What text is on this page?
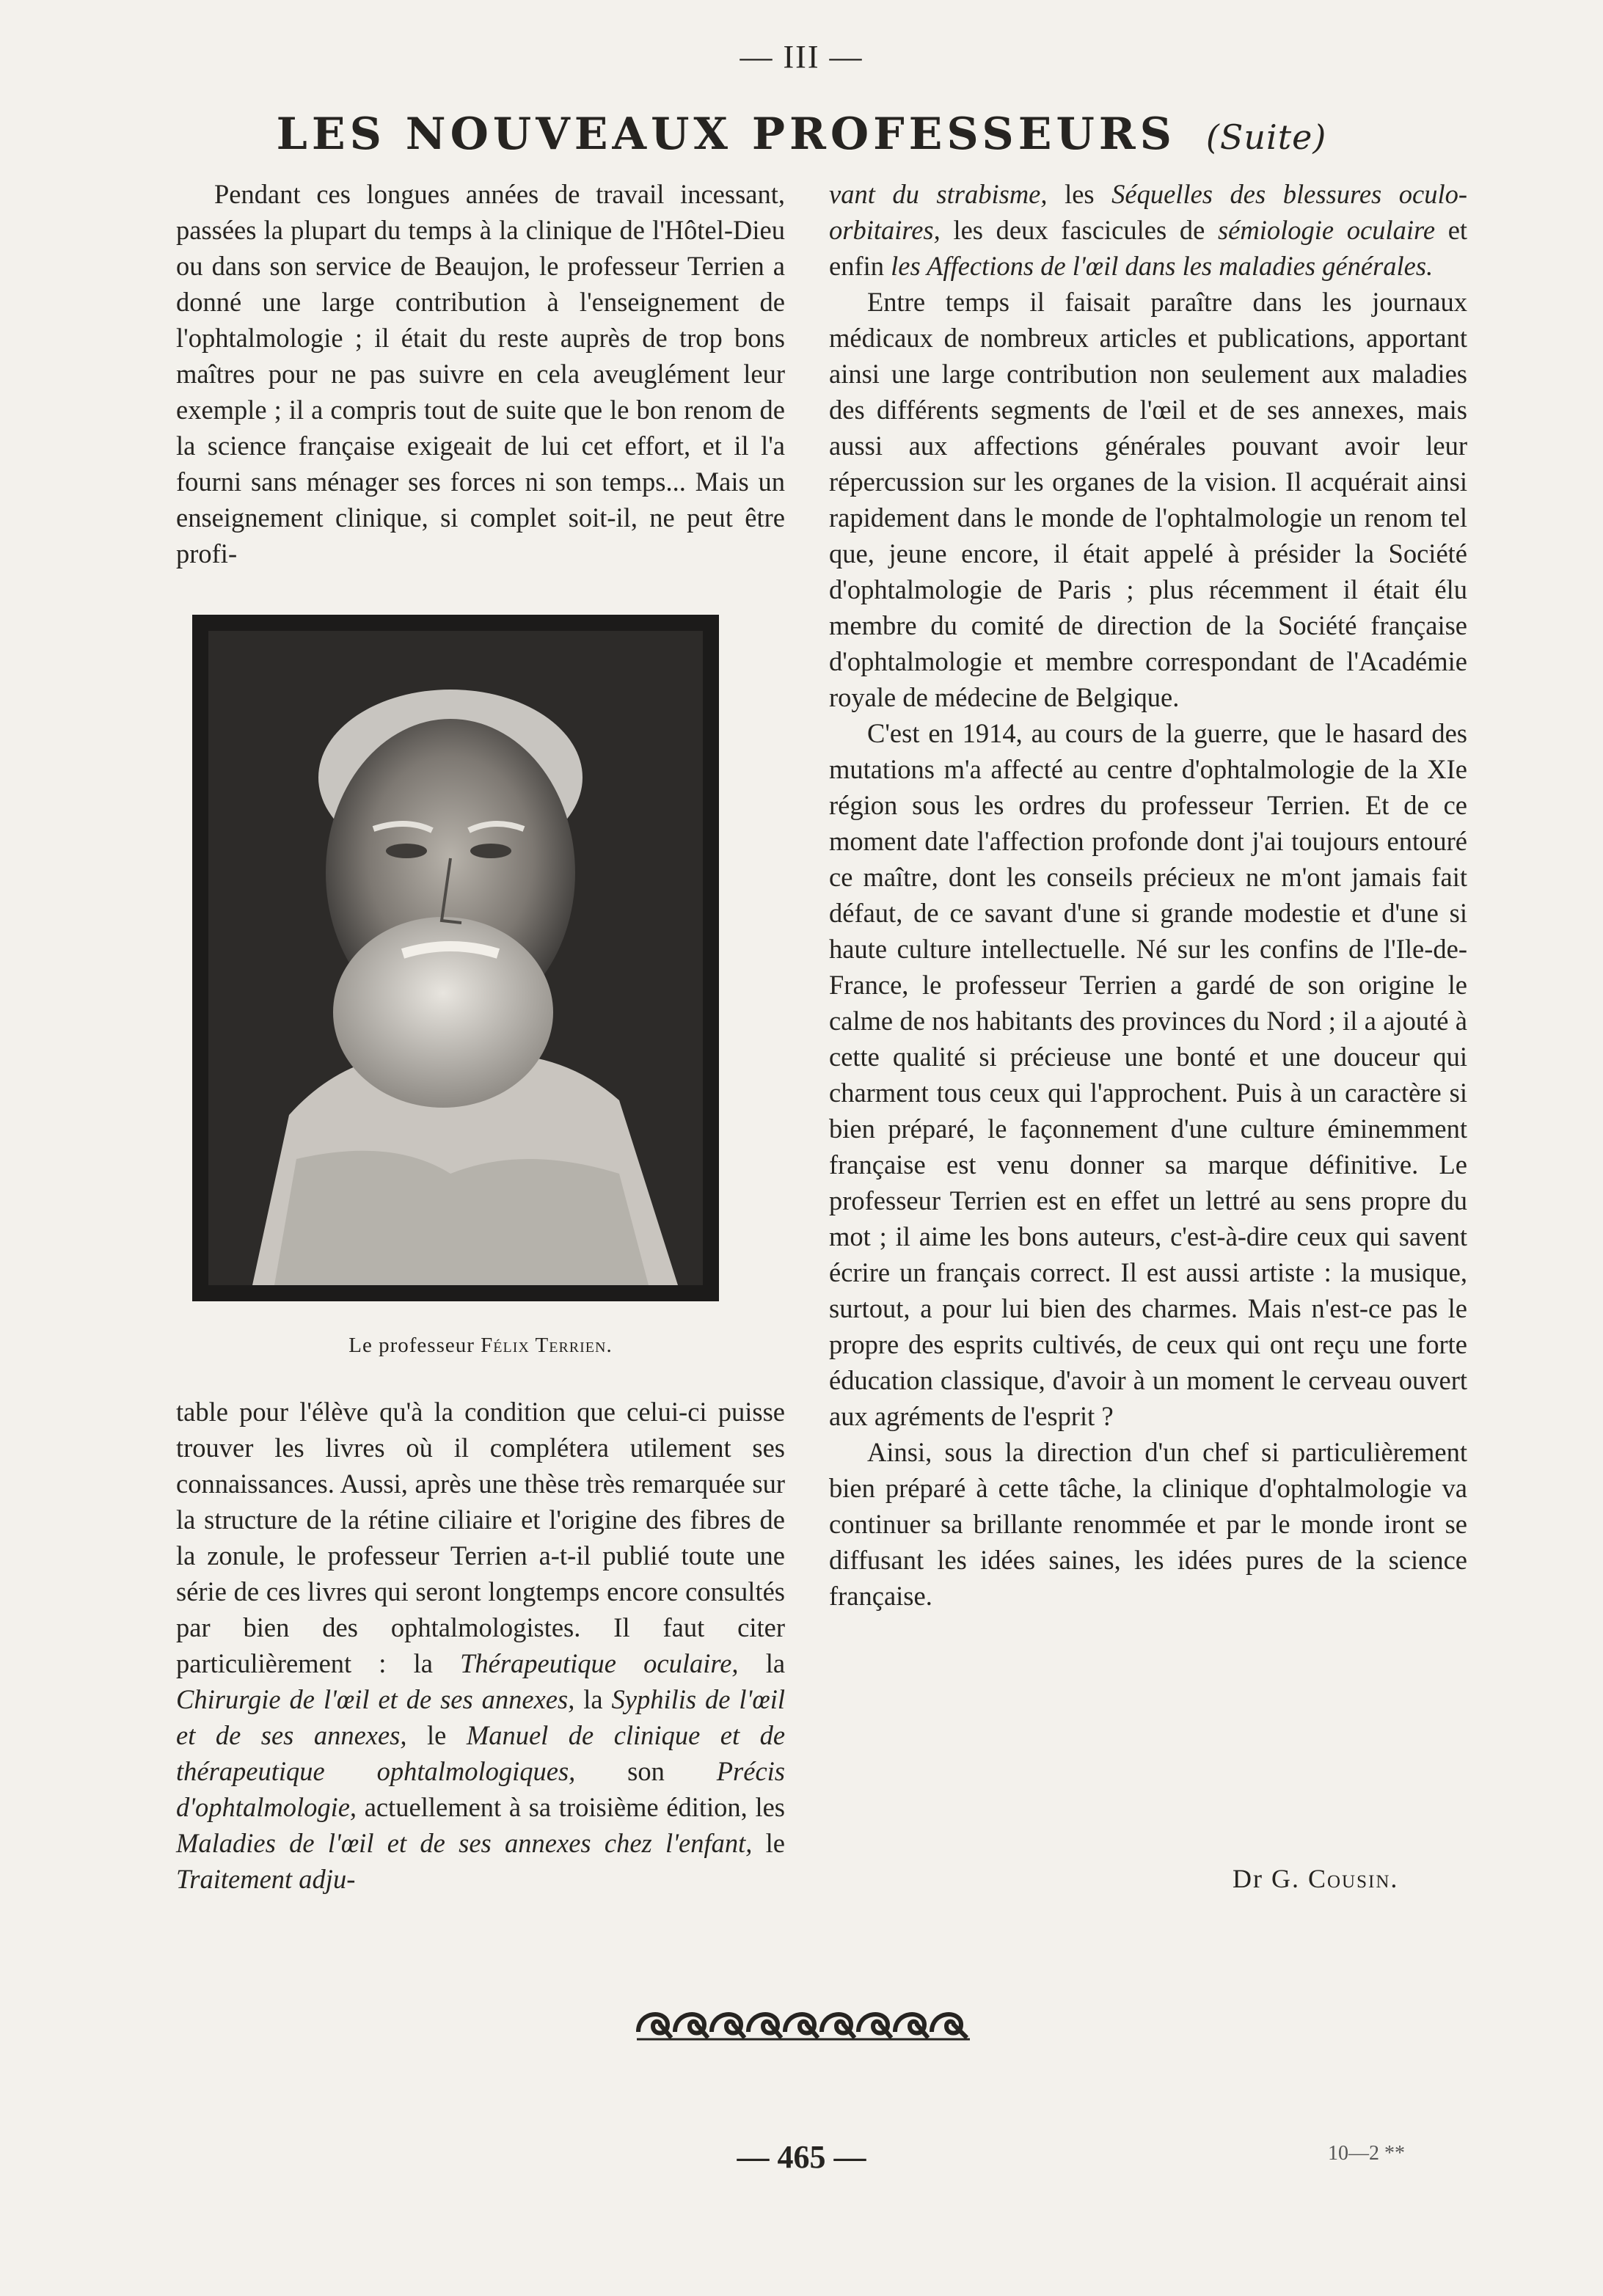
— III —
LES NOUVEAUX PROFESSEURS (Suite)

Pendant ces longues années de travail incessant, passées la plupart du temps à la clinique de l'Hôtel-Dieu ou dans son service de Beaujon, le professeur Terrien a donné une large contribution à l'enseignement de l'ophtalmologie ; il était du reste auprès de trop bons maîtres pour ne pas suivre en cela aveuglément leur exemple ; il a compris tout de suite que le bon renom de la science française exigeait de lui cet effort, et il l'a fourni sans ménager ses forces ni son temps... Mais un enseignement clinique, si complet soit-il, ne peut être profi-

Le professeur Félix Terrien.

table pour l'élève qu'à la condition que celui-ci puisse trouver les livres où il complétera utilement ses connaissances. Aussi, après une thèse très remarquée sur la structure de la rétine ciliaire et l'origine des fibres de la zonule, le professeur Terrien a-t-il publié toute une série de ces livres qui seront longtemps encore consultés par bien des ophtalmologistes. Il faut citer particulièrement : la Thérapeutique oculaire, la Chirurgie de l'œil et de ses annexes, la Syphilis de l'œil et de ses annexes, le Manuel de clinique et de thérapeutique ophtalmologiques, son Précis d'ophtalmologie, actuellement à sa troisième édition, les Maladies de l'œil et de ses annexes chez l'enfant, le Traitement adju-

vant du strabisme, les Séquelles des blessures oculo-orbitaires, les deux fascicules de sémiologie oculaire et enfin les Affections de l'œil dans les maladies générales.

Entre temps il faisait paraître dans les journaux médicaux de nombreux articles et publications, apportant ainsi une large contribution non seulement aux maladies des différents segments de l'œil et de ses annexes, mais aussi aux affections générales pouvant avoir leur répercussion sur les organes de la vision. Il acquérait ainsi rapidement dans le monde de l'ophtalmologie un renom tel que, jeune encore, il était appelé à présider la Société d'ophtalmologie de Paris ; plus récemment il était élu membre du comité de direction de la Société française d'ophtalmologie et membre correspondant de l'Académie royale de médecine de Belgique.

C'est en 1914, au cours de la guerre, que le hasard des mutations m'a affecté au centre d'ophtalmologie de la XIe région sous les ordres du professeur Terrien. Et de ce moment date l'affection profonde dont j'ai toujours entouré ce maître, dont les conseils précieux ne m'ont jamais fait défaut, de ce savant d'une si grande modestie et d'une si haute culture intellectuelle. Né sur les confins de l'Ile-de-France, le professeur Terrien a gardé de son origine le calme de nos habitants des provinces du Nord ; il a ajouté à cette qualité si précieuse une bonté et une douceur qui charment tous ceux qui l'approchent. Puis à un caractère si bien préparé, le façonnement d'une culture éminemment française est venu donner sa marque définitive. Le professeur Terrien est en effet un lettré au sens propre du mot ; il aime les bons auteurs, c'est-à-dire ceux qui savent écrire un français correct. Il est aussi artiste : la musique, surtout, a pour lui bien des charmes. Mais n'est-ce pas le propre des esprits cultivés, de ceux qui ont reçu une forte éducation classique, d'avoir à un moment le cerveau ouvert aux agréments de l'esprit ?

Ainsi, sous la direction d'un chef si particulièrement bien préparé à cette tâche, la clinique d'ophtalmologie va continuer sa brillante renommée et par le monde iront se diffusant les idées saines, les idées pures de la science française.

Dr G. Cousin.
— 465 —	10—2 **
